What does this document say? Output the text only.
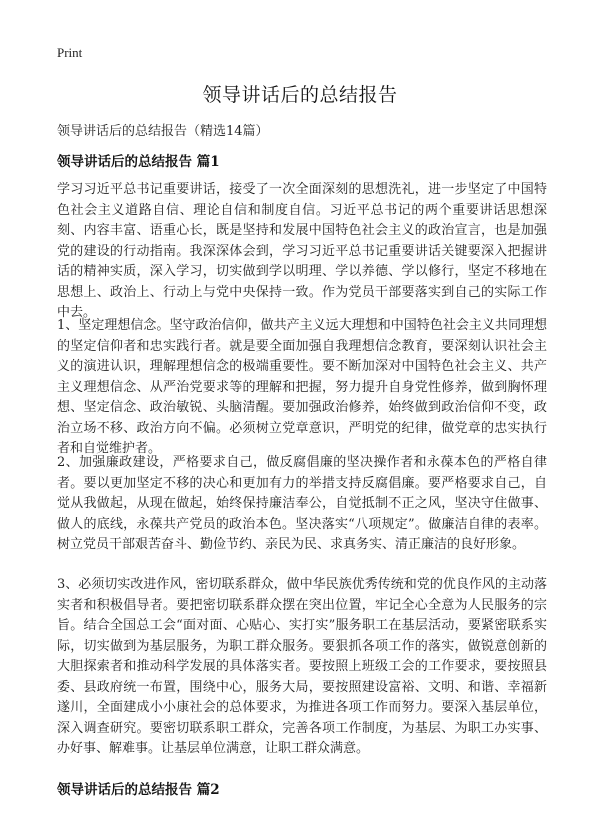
Print
领导讲话后的总结报告
领导讲话后的总结报告（精选14篇）
领导讲话后的总结报告 篇1
学习习近平总书记重要讲话，接受了一次全面深刻的思想洗礼，进一步坚定了中国特色社会主义道路自信、理论自信和制度自信。习近平总书记的两个重要讲话思想深刻、内容丰富、语重心长，既是坚持和发展中国特色社会主义的政治宣言，也是加强党的建设的行动指南。我深深体会到，学习习近平总书记重要讲话关键要深入把握讲话的精神实质，深入学习，切实做到学以明理、学以养德、学以修行，坚定不移地在思想上、政治上、行动上与党中央保持一致。作为党员干部要落实到自己的实际工作中去。
1、坚定理想信念。坚守政治信仰，做共产主义远大理想和中国特色社会主义共同理想的坚定信仰者和忠实践行者。就是要全面加强自我理想信念教育，要深刻认识社会主义的演进认识，理解理想信念的极端重要性。要不断加深对中国特色社会主义、共产主义理想信念、从严治党要求等的理解和把握，努力提升自身党性修养，做到胸怀理想、坚定信念、政治敏锐、头脑清醒。要加强政治修养，始终做到政治信仰不变，政治立场不移、政治方向不偏。必须树立党章意识，严明党的纪律，做党章的忠实执行者和自觉维护者。
2、加强廉政建设，严格要求自己，做反腐倡廉的坚决操作者和永葆本色的严格自律者。要以更加坚定不移的决心和更加有力的举措支持反腐倡廉。要严格要求自己，自觉从我做起，从现在做起，始终保持廉洁奉公，自觉抵制不正之风，坚决守住做事、做人的底线，永葆共产党员的政治本色。坚决落实“八项规定”。做廉洁自律的表率。树立党员干部艰苦奋斗、勤俭节约、亲民为民、求真务实、清正廉洁的良好形象。
3、必须切实改进作风，密切联系群众，做中华民族优秀传统和党的优良作风的主动落实者和积极倡导者。要把密切联系群众摆在突出位置，牢记全心全意为人民服务的宗旨。结合全国总工会“面对面、心贴心、实打实”服务职工在基层活动，要紧密联系实际，切实做到为基层服务，为职工群众服务。要狠抓各项工作的落实，做锐意创新的大胆探索者和推动科学发展的具体落实者。要按照上班级工会的工作要求，要按照县委、县政府统一布置，围绕中心，服务大局，要按照建设富裕、文明、和谐、幸福新遂川，全面建成小小康社会的总体要求，为推进各项工作而努力。要深入基层单位，深入调查研究。要密切联系职工群众，完善各项工作制度，为基层、为职工办实事、办好事、解难事。让基层单位满意，让职工群众满意。
领导讲话后的总结报告 篇2
